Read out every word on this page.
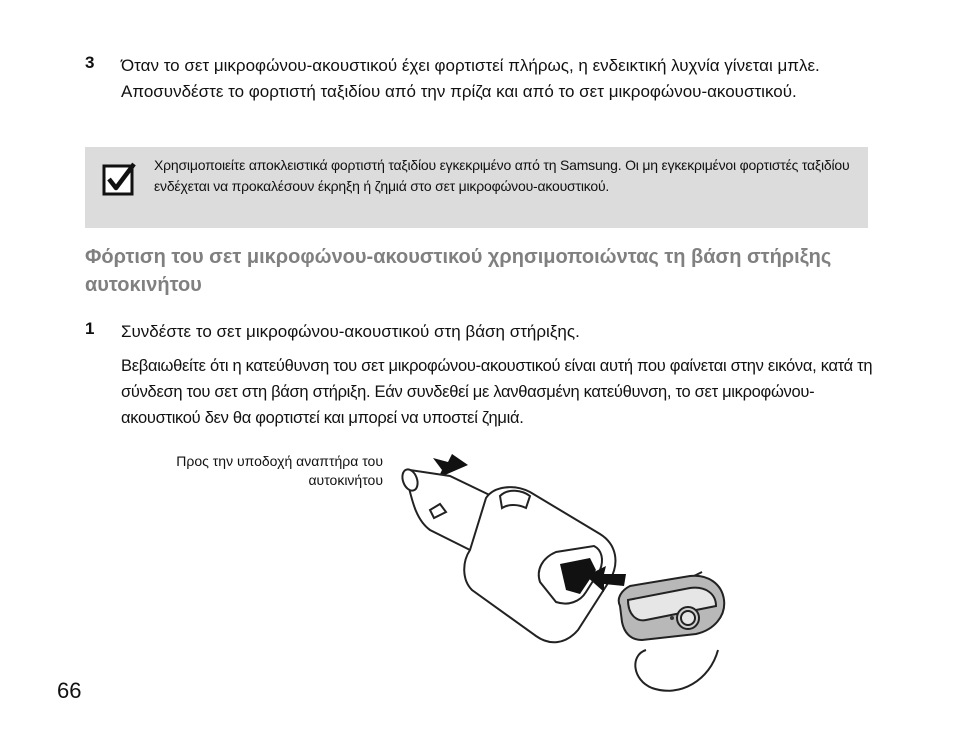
3 Όταν το σετ μικροφώνου-ακουστικού έχει φορτιστεί πλήρως, η ενδεικτική λυχνία γίνεται μπλε. Αποσυνδέστε το φορτιστή ταξιδίου από την πρίζα και από το σετ μικροφώνου-ακουστικού.
Χρησιμοποιείτε αποκλειστικά φορτιστή ταξιδίου εγκεκριμένο από τη Samsung. Οι μη εγκεκριμένοι φορτιστές ταξιδίου ενδέχεται να προκαλέσουν έκρηξη ή ζημιά στο σετ μικροφώνου-ακουστικού.
Φόρτιση του σετ μικροφώνου-ακουστικού χρησιμοποιώντας τη βάση στήριξης αυτοκινήτου
1 Συνδέστε το σετ μικροφώνου-ακουστικού στη βάση στήριξης.
Βεβαιωθείτε ότι η κατεύθυνση του σετ μικροφώνου-ακουστικού είναι αυτή που φαίνεται στην εικόνα, κατά τη σύνδεση του σετ στη βάση στήριξη. Εάν συνδεθεί με λανθασμένη κατεύθυνση, το σετ μικροφώνου-ακουστικού δεν θα φορτιστεί και μπορεί να υποστεί ζημιά.
Προς την υποδοχή αναπτήρα του αυτοκινήτου
66
